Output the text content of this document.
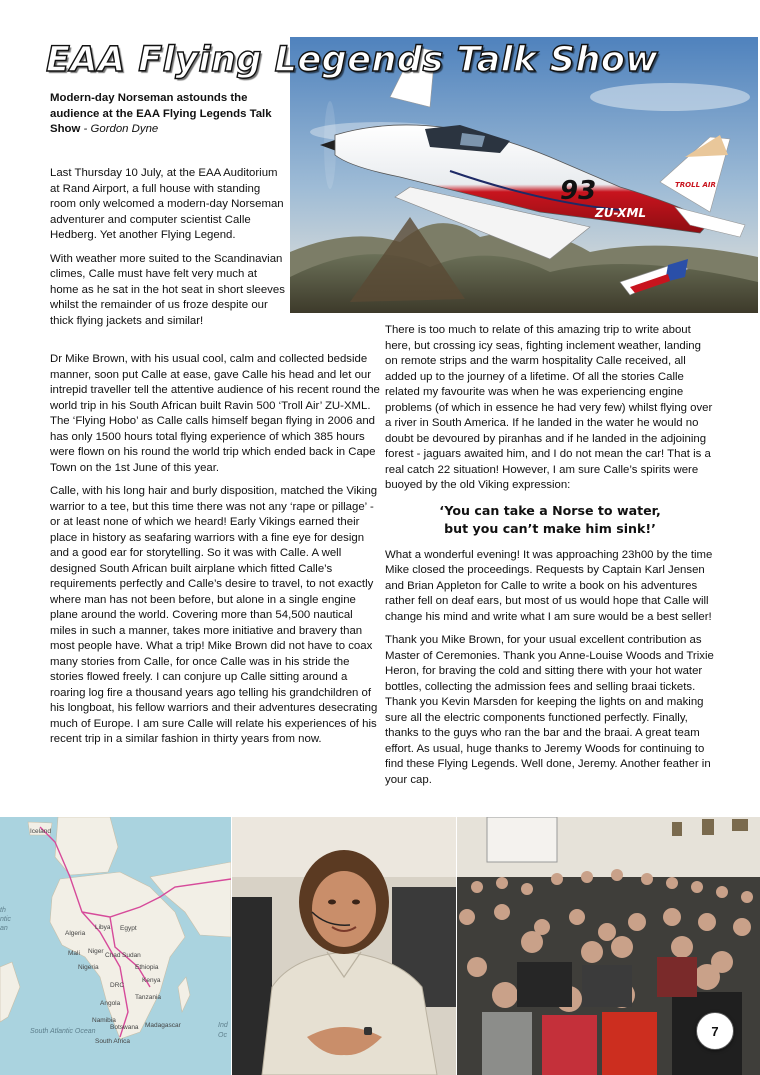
EAA Flying Legends Talk Show
93
ZU-XML
TROLL AIR

Modern-day Norseman astounds the audience at the EAA Flying Legends Talk Show - Gordon Dyne

Last Thursday 10 July, at the EAA Auditorium at Rand Airport, a full house with standing room only welcomed a modern-day Norseman adventurer and computer scientist Calle Hedberg. Yet another Flying Legend.

With weather more suited to the Scandinavian climes, Calle must have felt very much at home as he sat in the hot seat in short sleeves whilst the remainder of us froze despite our thick flying jackets and similar!

Dr Mike Brown, with his usual cool, calm and collected bedside manner, soon put Calle at ease, gave Calle his head and let our intrepid traveller tell the attentive audience of his recent round the world trip in his South African built Ravin 500 ‘Troll Air’ ZU-XML. The ‘Flying Hobo’ as Calle calls himself began flying in 2006 and has only 1500 hours total flying experience of which 385 hours were flown on his round the world trip which ended back in Cape Town on the 1st June of this year.

Calle, with his long hair and burly disposition, matched the Viking warrior to a tee, but this time there was not any ‘rape or pillage’ - or at least none of which we heard! Early Vikings earned their place in history as seafaring warriors with a fine eye for design and a good ear for storytelling. So it was with Calle. A well designed South African built airplane which fitted Calle’s requirements perfectly and Calle’s desire to travel, to not exactly where man has not been before, but alone in a single engine plane around the world. Covering more than 54,500 nautical miles in such a manner, takes more initiative and bravery than most people have. What a trip! Mike Brown did not have to coax many stories from Calle, for once Calle was in his stride the stories flowed freely. I can conjure up Calle sitting around a roaring log fire a thousand years ago telling his grandchildren of his longboat, his fellow warriors and their adventures desecrating much of Europe. I am sure Calle will relate his experiences of his recent trip in a similar fashion in thirty years from now.

There is too much to relate of this amazing trip to write about here, but crossing icy seas, fighting inclement weather, landing on remote strips and the warm hospitality Calle received, all added up to the journey of a lifetime. Of all the stories Calle related my favourite was when he was experiencing engine problems (of which in essence he had very few) whilst flying over a river in South America. If he landed in the water he would no doubt be devoured by piranhas and if he landed in the adjoining forest - jaguars awaited him, and I do not mean the car! That is a real catch 22 situation! However, I am sure Calle’s spirits were buoyed by the old Viking expression:

‘You can take a Norse to water,
but you can’t make him sink!’

What a wonderful evening! It was approaching 23h00 by the time Mike closed the proceedings. Requests by Captain Karl Jensen and Brian Appleton for Calle to write a book on his adventures rather fell on deaf ears, but most of us would hope that Calle will change his mind and write what I am sure would be a best seller!

Thank you Mike Brown, for your usual excellent contribution as Master of Ceremonies. Thank you Anne-Louise Woods and Trixie Heron, for braving the cold and sitting there with your hot water bottles, collecting the admission fees and selling braai tickets. Thank you Kevin Marsden for keeping the lights on and making sure all the electric components functioned perfectly. Finally, thanks to the guys who ran the bar and the braai. A great team effort. As usual, huge thanks to Jeremy Woods for continuing to find these Flying Legends. Well done, Jeremy. Another feather in your cap.

Iceland
Algeria
Libya Egypt
Mali Niger
Chad Sudan
Nigeria	Ethiopia
Kenya
DRC
Tanzania
Angola
Namibia
Botswana Madagascar
South Africa
South Atlantic Ocean
th
ntic
an
Ind
Oc	7
